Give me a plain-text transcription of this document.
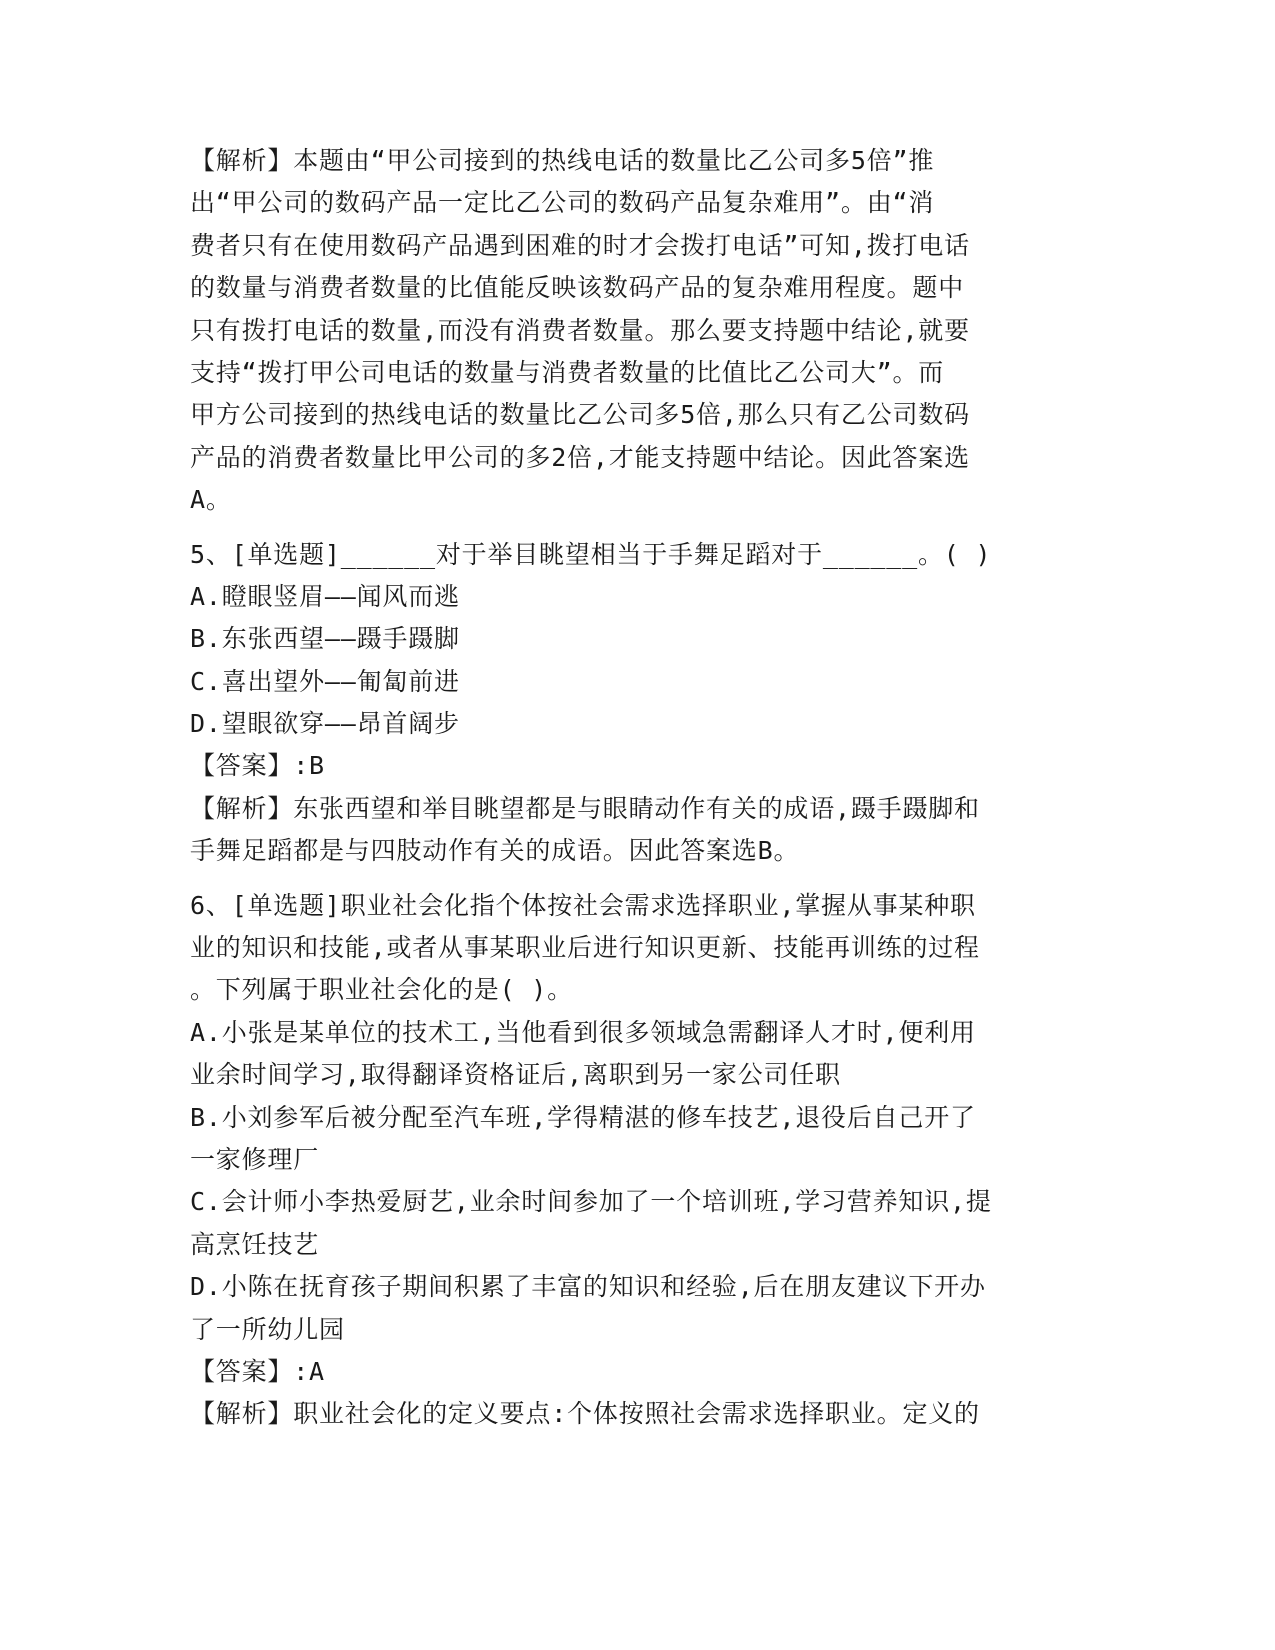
【解析】本题由“甲公司接到的热线电话的数量比乙公司多5倍”推
出“甲公司的数码产品一定比乙公司的数码产品复杂难用”。由“消
费者只有在使用数码产品遇到困难的时才会拨打电话”可知,拨打电话
的数量与消费者数量的比值能反映该数码产品的复杂难用程度。题中
只有拨打电话的数量,而没有消费者数量。那么要支持题中结论,就要
支持“拨打甲公司电话的数量与消费者数量的比值比乙公司大”。而
甲方公司接到的热线电话的数量比乙公司多5倍,那么只有乙公司数码
产品的消费者数量比甲公司的多2倍,才能支持题中结论。因此答案选
A。
5、[单选题]______对于举目眺望相当于手舞足蹈对于______。( )
A.瞪眼竖眉——闻风而逃
B.东张西望——蹑手蹑脚
C.喜出望外——匍匐前进
D.望眼欲穿——昂首阔步
【答案】:B
【解析】东张西望和举目眺望都是与眼睛动作有关的成语,蹑手蹑脚和
手舞足蹈都是与四肢动作有关的成语。因此答案选B。
6、[单选题]职业社会化指个体按社会需求选择职业,掌握从事某种职
业的知识和技能,或者从事某职业后进行知识更新、技能再训练的过程
。下列属于职业社会化的是( )。
A.小张是某单位的技术工,当他看到很多领域急需翻译人才时,便利用
业余时间学习,取得翻译资格证后,离职到另一家公司任职
B.小刘参军后被分配至汽车班,学得精湛的修车技艺,退役后自己开了
一家修理厂
C.会计师小李热爱厨艺,业余时间参加了一个培训班,学习营养知识,提
高烹饪技艺
D.小陈在抚育孩子期间积累了丰富的知识和经验,后在朋友建议下开办
了一所幼儿园
【答案】:A
【解析】职业社会化的定义要点:个体按照社会需求选择职业。定义的
